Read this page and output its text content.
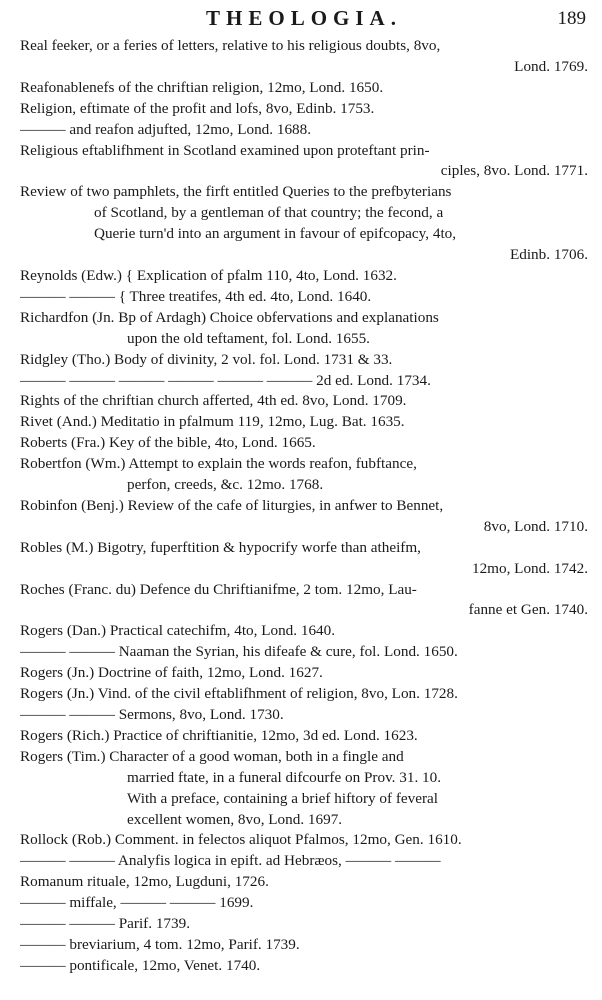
THEOLOGIA.	189
Real feeker, or a feries of letters, relative to his religious doubts, 8vo,
Lond. 1769.
Reafonablenefs of the chriftian religion, 12mo, Lond. 1650.
Religion, eftimate of the profit and lofs, 8vo, Edinb. 1753.
——— and reafon adjufted, 12mo, Lond. 1688.
Religious eftablifhment in Scotland examined upon proteftant prin-
ciples, 8vo. Lond. 1771.
Review of two pamphlets, the firft entitled Queries to the prefbyterians
of Scotland, by a gentleman of that country; the fecond, a
Querie turn'd into an argument in favour of epifcopacy, 4to,
Edinb. 1706.
Reynolds (Edw.) { Explication of pfalm 110, 4to, Lond. 1632.
——— ——— { Three treatifes, 4th ed. 4to, Lond. 1640.
Richardfon (Jn. Bp of Ardagh) Choice obfervations and explanations
upon the old teftament, fol. Lond. 1655.
Ridgley (Tho.) Body of divinity, 2 vol. fol. Lond. 1731 & 33.
——— ——— ——— ——— ——— ——— 2d ed. Lond. 1734.
Rights of the chriftian church afferted, 4th ed. 8vo, Lond. 1709.
Rivet (And.) Meditatio in pfalmum 119, 12mo, Lug. Bat. 1635.
Roberts (Fra.) Key of the bible, 4to, Lond. 1665.
Robertfon (Wm.) Attempt to explain the words reafon, fubftance,
perfon, creeds, &c. 12mo. 1768.
Robinfon (Benj.) Review of the cafe of liturgies, in anfwer to Bennet,
8vo, Lond. 1710.
Robles (M.) Bigotry, fuperftition & hypocrify worfe than atheifm,
12mo, Lond. 1742.
Roches (Franc. du) Defence du Chriftianifme, 2 tom. 12mo, Lau-
fanne et Gen. 1740.
Rogers (Dan.) Practical catechifm, 4to, Lond. 1640.
——— ——— Naaman the Syrian, his difeafe & cure, fol. Lond. 1650.
Rogers (Jn.) Doctrine of faith, 12mo, Lond. 1627.
Rogers (Jn.) Vind. of the civil eftablifhment of religion, 8vo, Lon. 1728.
——— ——— Sermons, 8vo, Lond. 1730.
Rogers (Rich.) Practice of chriftianitie, 12mo, 3d ed. Lond. 1623.
Rogers (Tim.) Character of a good woman, both in a fingle and
married ftate, in a funeral difcourfe on Prov. 31. 10.
With a preface, containing a brief hiftory of feveral
excellent women, 8vo, Lond. 1697.
Rollock (Rob.) Comment. in felectos aliquot Pfalmos, 12mo, Gen. 1610.
——— ——— Analyfis logica in epift. ad Hebræos, ——— ———
Romanum rituale, 12mo, Lugduni, 1726.
——— miffale, ——— ——— 1699.
——— ——— Parif. 1739.
——— breviarium, 4 tom. 12mo, Parif. 1739.
——— pontificale, 12mo, Venet. 1740.
